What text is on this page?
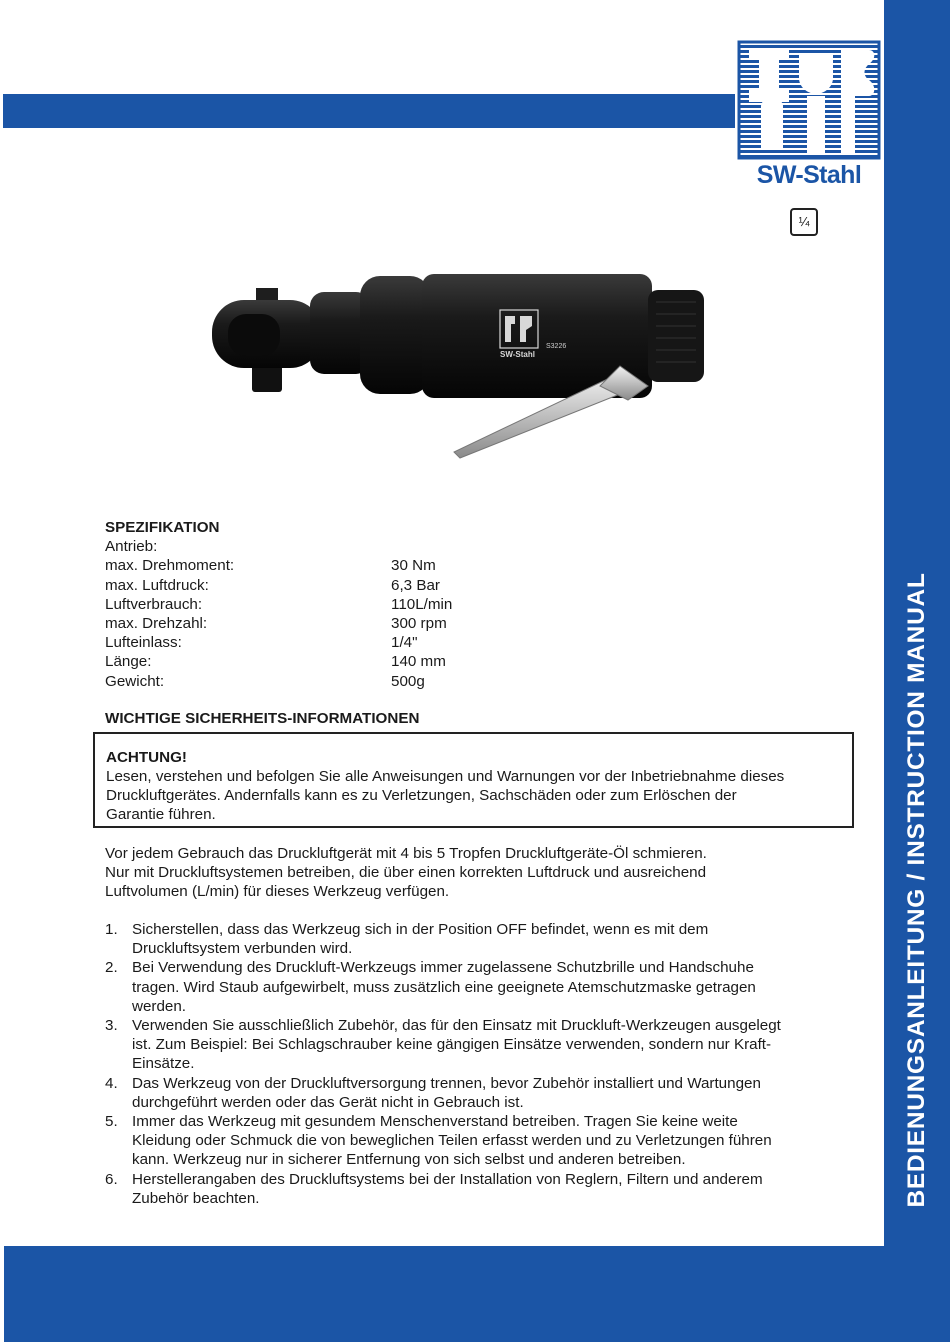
BEDIENUNGSANLEITUNG / INSTRUCTION MANUAL
SW-Stahl
¼
SW-Stahl
S3226
SPEZIFIKATION
Antrieb:
max. Drehmoment:	30 Nm
max. Luftdruck:	6,3 Bar
Luftverbrauch:	110L/min
max. Drehzahl:	300 rpm
Lufteinlass:	1/4"
Länge:	140 mm
Gewicht:	500g
WICHTIGE SICHERHEITS-INFORMATIONEN
ACHTUNG!
Lesen, verstehen und befolgen Sie alle Anweisungen und Warnungen vor der Inbetriebnahme dieses
Druckluftgerätes. Andernfalls kann es zu Verletzungen, Sachschäden oder zum Erlöschen der
Garantie führen.
Vor jedem Gebrauch das Druckluftgerät mit 4 bis 5 Tropfen Druckluftgeräte-Öl schmieren.
Nur mit Druckluftsystemen betreiben, die über einen korrekten Luftdruck und ausreichend
Luftvolumen (L/min) für dieses Werkzeug verfügen.
1. Sicherstellen, dass das Werkzeug sich in der Position OFF befindet, wenn es mit dem
Druckluftsystem verbunden wird.
2. Bei Verwendung des Druckluft-Werkzeugs immer zugelassene Schutzbrille und Handschuhe
tragen. Wird Staub aufgewirbelt, muss zusätzlich eine geeignete Atemschutzmaske getragen
werden.
3. Verwenden Sie ausschließlich Zubehör, das für den Einsatz mit Druckluft-Werkzeugen ausgelegt
ist. Zum Beispiel: Bei Schlagschrauber keine gängigen Einsätze verwenden, sondern nur Kraft-
Einsätze.
4. Das Werkzeug von der Druckluftversorgung trennen, bevor Zubehör installiert und Wartungen
durchgeführt werden oder das Gerät nicht in Gebrauch ist.
5. Immer das Werkzeug mit gesundem Menschenverstand betreiben. Tragen Sie keine weite
Kleidung oder Schmuck die von beweglichen Teilen erfasst werden und zu Verletzungen führen
kann. Werkzeug nur in sicherer Entfernung von sich selbst und anderen betreiben.
6. Herstellerangaben des Druckluftsystems bei der Installation von Reglern, Filtern und anderem
Zubehör beachten.
